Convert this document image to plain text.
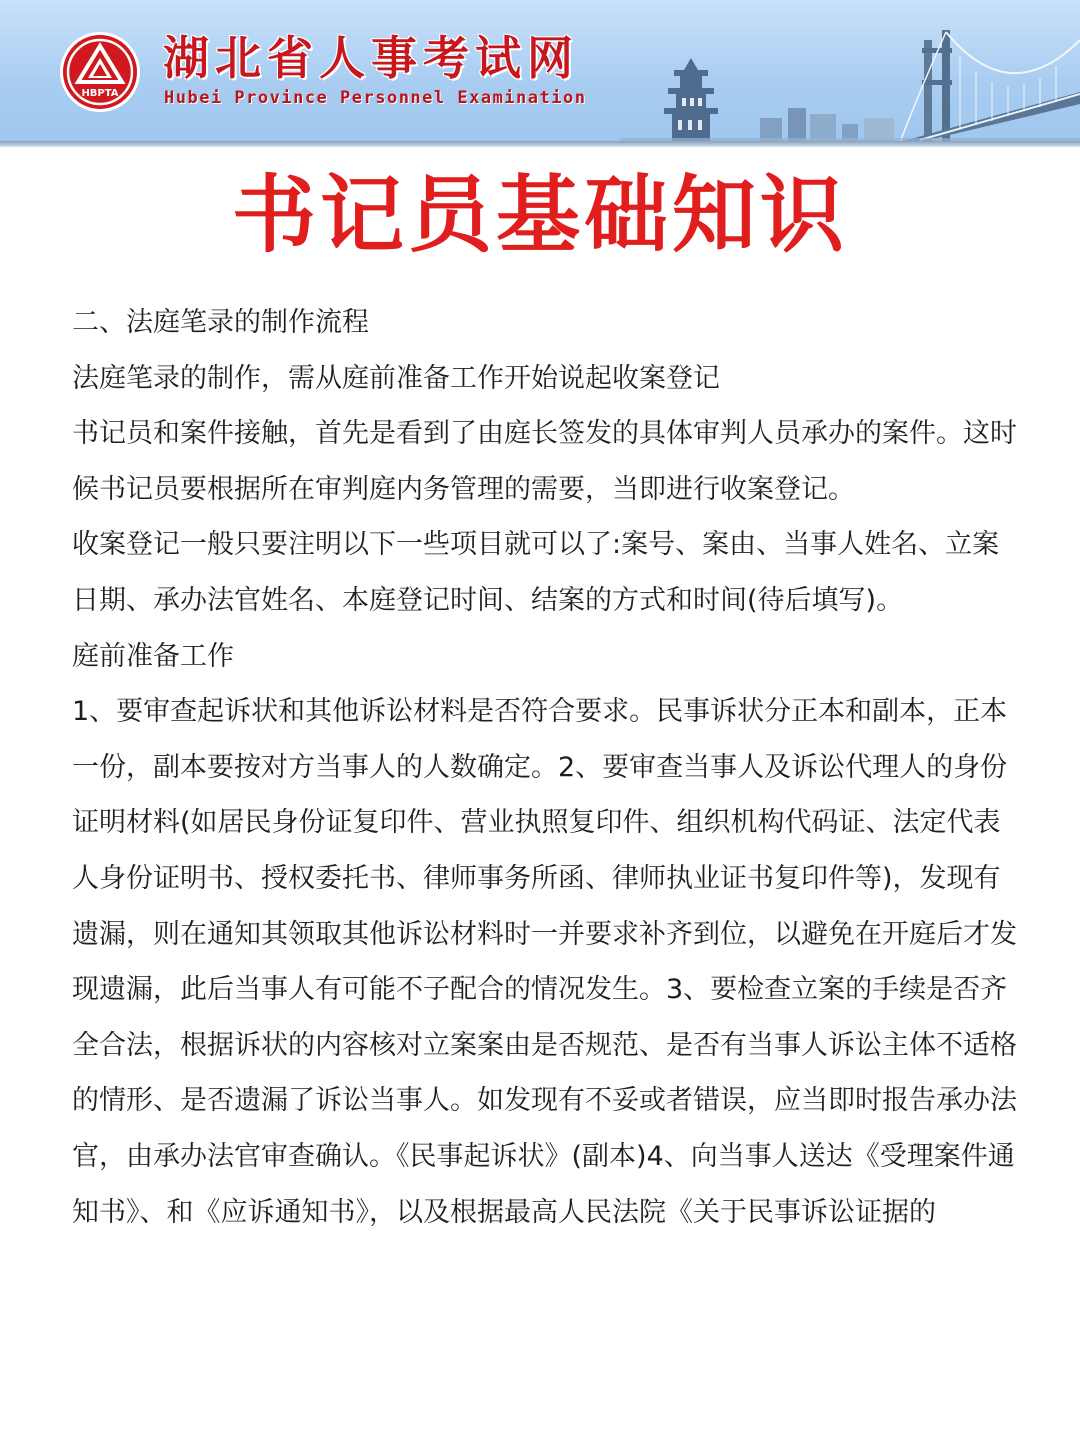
HBPTA
湖北省人事考试网
Hubei Province Personnel Examination
书记员基础知识

二、法庭笔录的制作流程

法庭笔录的制作，需从庭前准备工作开始说起收案登记

书记员和案件接触，首先是看到了由庭长签发的具体审判人员承办的案件。这时候书记员要根据所在审判庭内务管理的需要，当即进行收案登记。

收案登记一般只要注明以下一些项目就可以了:案号、案由、当事人姓名、立案日期、承办法官姓名、本庭登记时间、结案的方式和时间(待后填写)。

庭前准备工作

1、要审查起诉状和其他诉讼材料是否符合要求。民事诉状分正本和副本，正本一份，副本要按对方当事人的人数确定。2、要审查当事人及诉讼代理人的身份证明材料(如居民身份证复印件、营业执照复印件、组织机构代码证、法定代表人身份证明书、授权委托书、律师事务所函、律师执业证书复印件等)，发现有遗漏，则在通知其领取其他诉讼材料时一并要求补齐到位，以避免在开庭后才发现遗漏，此后当事人有可能不子配合的情况发生。3、要检查立案的手续是否齐全合法，根据诉状的内容核对立案案由是否规范、是否有当事人诉讼主体不适格的情形、是否遗漏了诉讼当事人。如发现有不妥或者错误，应当即时报告承办法官，由承办法官审查确认。《民事起诉状》(副本)4、向当事人送达《受理案件通知书》、和《应诉通知书》，以及根据最高人民法院《关于民事诉讼证据的
